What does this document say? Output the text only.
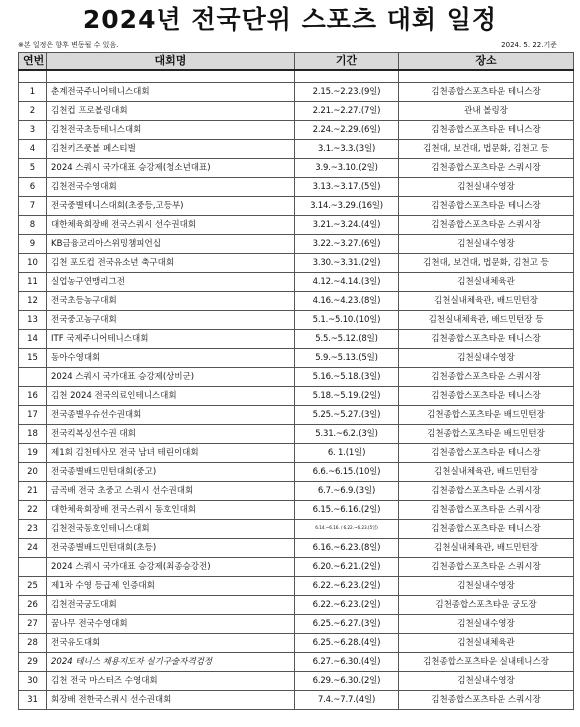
2024년 전국단위 스포츠 대회 일정
※본 일정은 향후 변동될 수 있음.	2024. 5. 22.기준
연번	대회명	기간	장소

1	춘계전국주니어테니스대회	2.15.~2.23.(9일)	김천종합스포츠타운 테니스장
2	김천컵 프로볼링대회	2.21.~2.27.(7일)	관내 볼링장
3	김천전국초등테니스대회	2.24.~2.29.(6일)	김천종합스포츠타운 테니스장
4	김천키즈풋볼 페스티벌	3.1.~3.3.(3일)	김천대, 보건대, 법문화, 김천고 등
5	2024 스쿼시 국가대표 승강제(청소년대표)	3.9.~3.10.(2일)	김천종합스포츠타운 스쿼시장
6	김천전국수영대회	3.13.~3.17.(5일)	김천실내수영장
7	전국중별테니스대회(초중등,고등부)	3.14.~3.29.(16일)	김천종합스포츠타운 테니스장
8	대한체육회장배 전국스쿼시 선수권대회	3.21.~3.24.(4일)	김천종합스포츠타운 스쿼시장
9	KB금융코리아스위밍챔피언십	3.22.~3.27.(6일)	김천실내수영장
10	김천 포도컵 전국유소년 축구대회	3.30.~3.31.(2일)	김천대, 보건대, 법문화, 김천고 등
11	실업농구연맹리그전	4.12.~4.14.(3일)	김천실내체육관
12	전국초등농구대회	4.16.~4.23.(8일)	김천실내체육관, 배드민턴장
13	전국중고농구대회	5.1.~5.10.(10일)	김천실내체육관, 배드민턴장 등
14	ITF 국제주니어테니스대회	5.5.~5.12.(8일)	김천종합스포츠타운 테니스장
15	동아수영대회	5.9.~5.13.(5일)	김천실내수영장
	2024 스쿼시 국가대표 승강제(상비군)	5.16.~5.18.(3일)	김천종합스포츠타운 스쿼시장
16	김천 2024 전국의료인테니스대회	5.18.~5.19.(2일)	김천종합스포츠타운 테니스장
17	전국종별우슈선수권대회	5.25.~5.27.(3일)	김천종합스포츠타운 배드민턴장
18	전국킥복싱선수권 대회	5.31.~6.2.(3일)	김천종합스포츠타운 배드민턴장
19	제1회 김천테사모 전국 남녀 테린이대회	6. 1.(1일)	김천종합스포츠타운 테니스장
20	전국종별배드민턴대회(중고)	6.6.~6.15.(10일)	김천실내체육관, 배드민턴장
21	금곡배 전국 초중고 스쿼시 선수권대회	6.7.~6.9.(3일)	김천종합스포츠타운 스쿼시장
22	대한체육회장배 전국스쿼시 동호인대회	6.15.~6.16.(2일)	김천종합스포츠타운 스쿼시장
23	김천전국동호인테니스대회	6.14.~6.16. / 6.22.~6.23.(5일)	김천종합스포츠타운 테니스장
24	전국종별배드민턴대회(초등)	6.16.~6.23.(8일)	김천실내체육관, 배드민턴장
	2024 스쿼시 국가대표 승강제(최종승강전)	6.20.~6.21.(2일)	김천종합스포츠타운 스쿼시장
25	제1차 수영 등급제 인증대회	6.22.~6.23.(2일)	김천실내수영장
26	김천전국궁도대회	6.22.~6.23.(2일)	김천종합스포츠타운 궁도장
27	꿈나무 전국수영대회	6.25.~6.27.(3일)	김천실내수영장
28	전국유도대회	6.25.~6.28.(4일)	김천실내체육관
29	2024 테니스 채용지도자 실기구술자격검정	6.27.~6.30.(4일)	김천종합스포츠타운 실내테니스장
30	김천 전국 마스터즈 수영대회	6.29.~6.30.(2일)	김천실내수영장
31	회장배 전한국스쿼시 선수권대회	7.4.~7.7.(4일)	김천종합스포츠타운 스쿼시장
